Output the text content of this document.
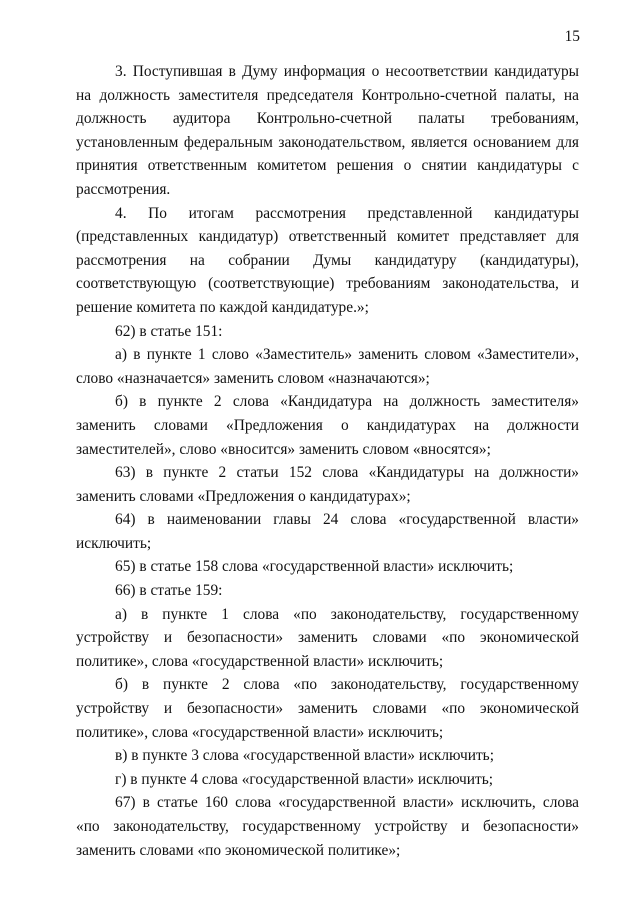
15

3. Поступившая в Думу информация о несоответствии кандидатуры на должность заместителя председателя Контрольно-счетной палаты, на должность аудитора Контрольно-счетной палаты требованиям, установленным федеральным законодательством, является основанием для принятия ответственным комитетом решения о снятии кандидатуры с рассмотрения.

4. По итогам рассмотрения представленной кандидатуры (представленных кандидатур) ответственный комитет представляет для рассмотрения на собрании Думы кандидатуру (кандидатуры), соответствующую (соответствующие) требованиям законодательства, и решение комитета по каждой кандидатуре.»;

62) в статье 151:

а) в пункте 1 слово «Заместитель» заменить словом «Заместители», слово «назначается» заменить словом «назначаются»;

б) в пункте 2 слова «Кандидатура на должность заместителя» заменить словами «Предложения о кандидатурах на должности заместителей», слово «вносится» заменить словом «вносятся»;

63) в пункте 2 статьи 152 слова «Кандидатуры на должности» заменить словами «Предложения о кандидатурах»;

64) в наименовании главы 24 слова «государственной власти» исключить;

65) в статье 158 слова «государственной власти» исключить;

66) в статье 159:

а) в пункте 1 слова «по законодательству, государственному устройству и безопасности» заменить словами «по экономической политике», слова «государственной власти» исключить;

б) в пункте 2 слова «по законодательству, государственному устройству и безопасности» заменить словами «по экономической политике», слова «государственной власти» исключить;

в) в пункте 3 слова «государственной власти» исключить;

г) в пункте 4 слова «государственной власти» исключить;

67) в статье 160 слова «государственной власти» исключить, слова «по законодательству, государственному устройству и безопасности» заменить словами «по экономической политике»;
